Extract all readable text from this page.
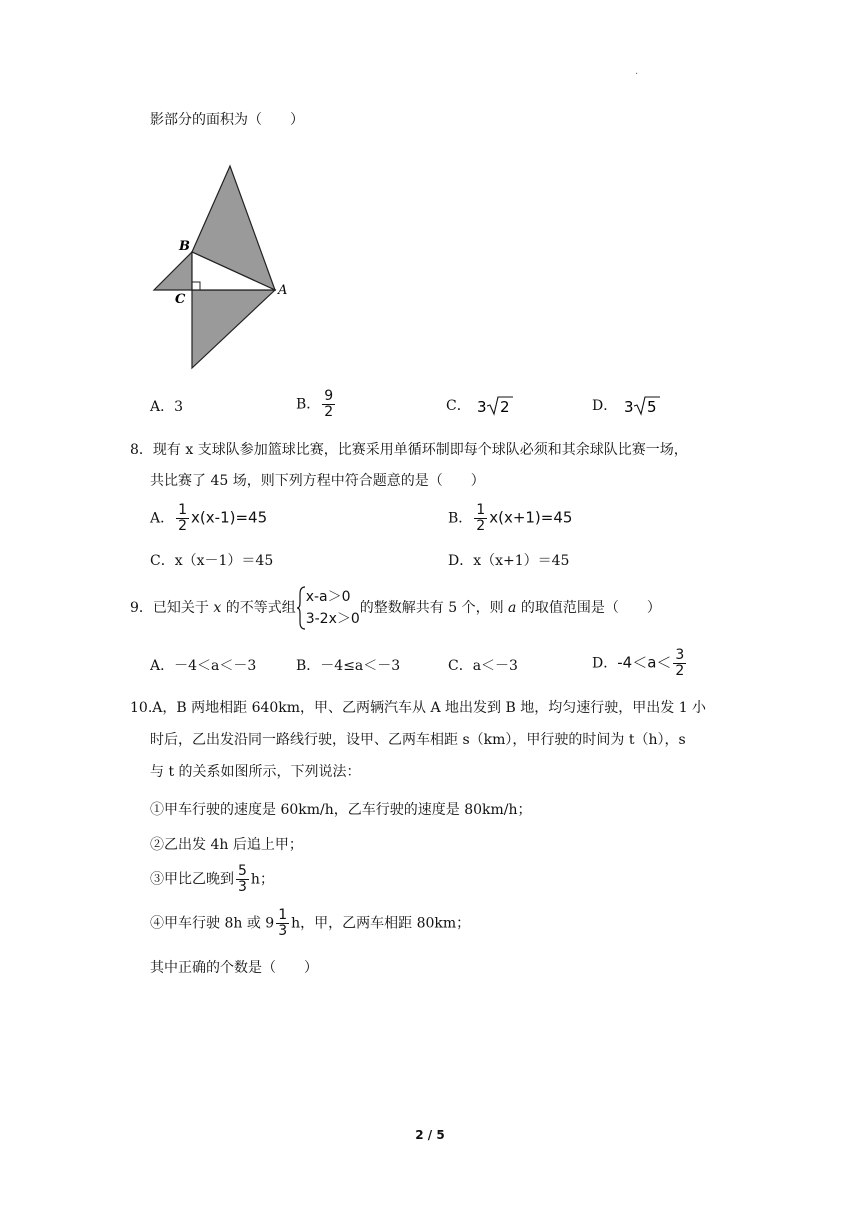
.
影部分的面积为（　　）
B
C
A
A．3	B． $\frac{9}{2}$	C． 3 2	D． 3 5
8．现有 x 支球队参加篮球比赛，比赛采用单循环制即每个球队必须和其余球队比赛一场，
共比赛了 45 场，则下列方程中符合题意的是（　　）
A． $\frac{1}{2} x(x-1)=45$	B． $\frac{1}{2} x(x+1)=45$
C．x（x－1）＝45	D．x（x+1）＝45
9．已知关于 x 的不等式组
x-a＞0
3-2x＞0
的整数解共有 5 个，则 a 的取值范围是（　　）
A．－4＜a＜－3	B．－4≤a＜－3	C．a＜－3	D．$-4<a< \frac{3}{2}$
10.A，B 两地相距 640km，甲、乙两辆汽车从 A 地出发到 B 地，均匀速行驶，甲出发 1 小
时后，乙出发沿同一路线行驶，设甲、乙两车相距 s（km），甲行驶的时间为 t（h），s
与 t 的关系如图所示，下列说法：
①甲车行驶的速度是 60km/h，乙车行驶的速度是 80km/h；
②乙出发 4h 后追上甲；
③甲比乙晚到 $\frac{5}{3}$ h；
④甲车行驶 8h 或 $9 \frac{1}{3}$ h，甲，乙两车相距 80km；
其中正确的个数是（　　）
2 / 5
